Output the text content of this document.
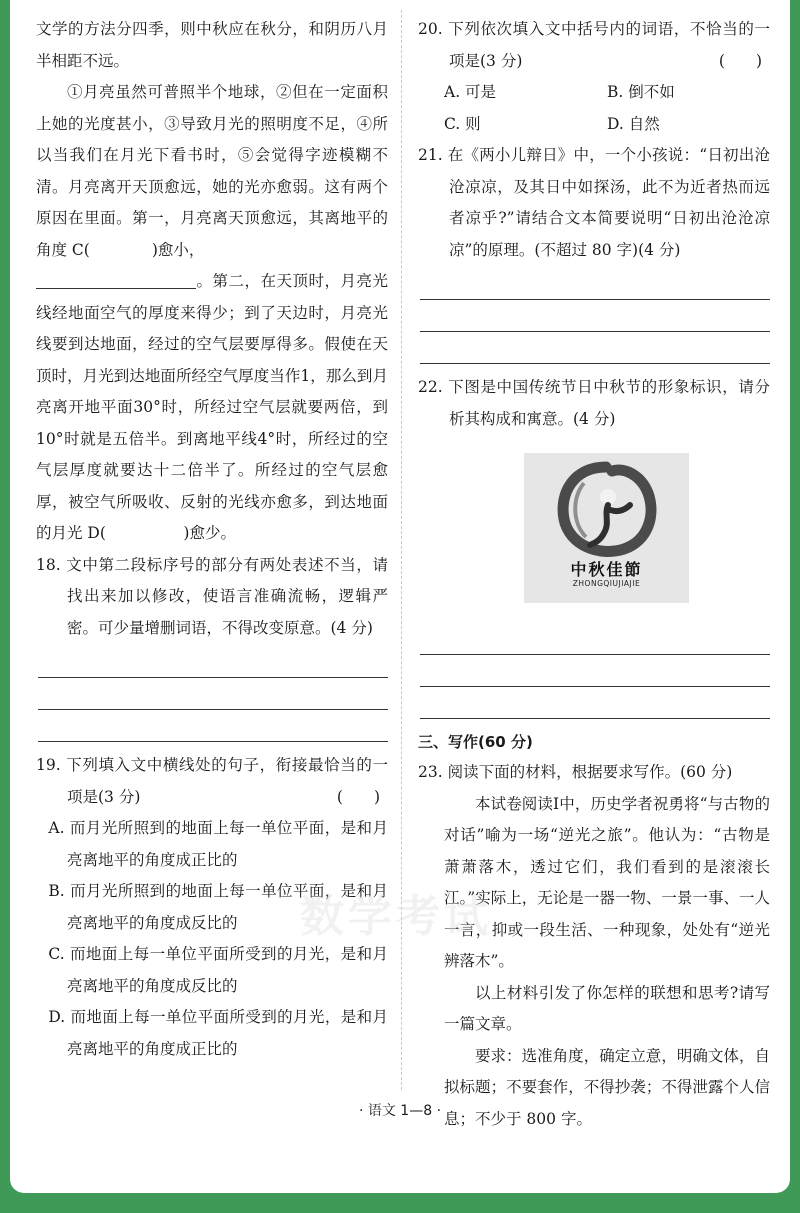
文学的方法分四季，则中秋应在秋分，和阴历八月半相距不远。

①月亮虽然可普照半个地球，②但在一定面积上她的光度甚小，③导致月光的照明度不足，④所以当我们在月光下看书时，⑤会觉得字迹模糊不清。月亮离开天顶愈远，她的光亦愈弱。这有两个原因在里面。第一，月亮离天顶愈远，其离地平的角度 C(　　　　)愈小，
。第二，在天顶时，月亮光线经地面空气的厚度来得少；到了天边时，月亮光线要到达地面，经过的空气层要厚得多。假使在天顶时，月光到达地面所经空气厚度当作1，那么到月亮离开地平面30°时，所经过空气层就要两倍，到10°时就是五倍半。到离地平线4°时，所经过的空气层厚度就要达十二倍半了。所经过的空气层愈厚，被空气所吸收、反射的光线亦愈多，到达地面的月光 D(　　　　　)愈少。

18. 文中第二段标序号的部分有两处表述不当，请找出来加以修改，使语言准确流畅，逻辑严密。可少量增删词语，不得改变原意。(4 分)

19. 下列填入文中横线处的句子，衔接最恰当的一项是(3 分)	(　　)

A. 而月光所照到的地面上每一单位平面，是和月亮离地平的角度成正比的

B. 而月光所照到的地面上每一单位平面，是和月亮离地平的角度成反比的

C. 而地面上每一单位平面所受到的月光，是和月亮离地平的角度成反比的

D. 而地面上每一单位平面所受到的月光，是和月亮离地平的角度成正比的

20. 下列依次填入文中括号内的词语，不恰当的一项是(3 分)	(　　)

A. 可是	B. 倒不如
C. 则	D. 自然

21. 在《两小儿辩日》中，一个小孩说：“日初出沧沧凉凉，及其日中如探汤，此不为近者热而远者凉乎?”请结合文本简要说明“日初出沧沧凉凉”的原理。(不超过 80 字)(4 分)

22. 下图是中国传统节日中秋节的形象标识，请分析其构成和寓意。(4 分)

中秋佳節
ZHONGQIUJIAJIE

三、写作(60 分)

23. 阅读下面的材料，根据要求写作。(60 分)

本试卷阅读Ⅰ中，历史学者祝勇将“与古物的对话”喻为一场“逆光之旅”。他认为：“古物是萧萧落木，透过它们，我们看到的是滚滚长江。”实际上，无论是一器一物、一景一事、一人一言，抑或一段生活、一种现象，处处有“逆光辨落木”。

以上材料引发了你怎样的联想和思考?请写一篇文章。

要求：选准角度，确定立意，明确文体，自拟标题；不要套作，不得抄袭；不得泄露个人信息；不少于 800 字。

数学考试
· 语文 1—8 ·
